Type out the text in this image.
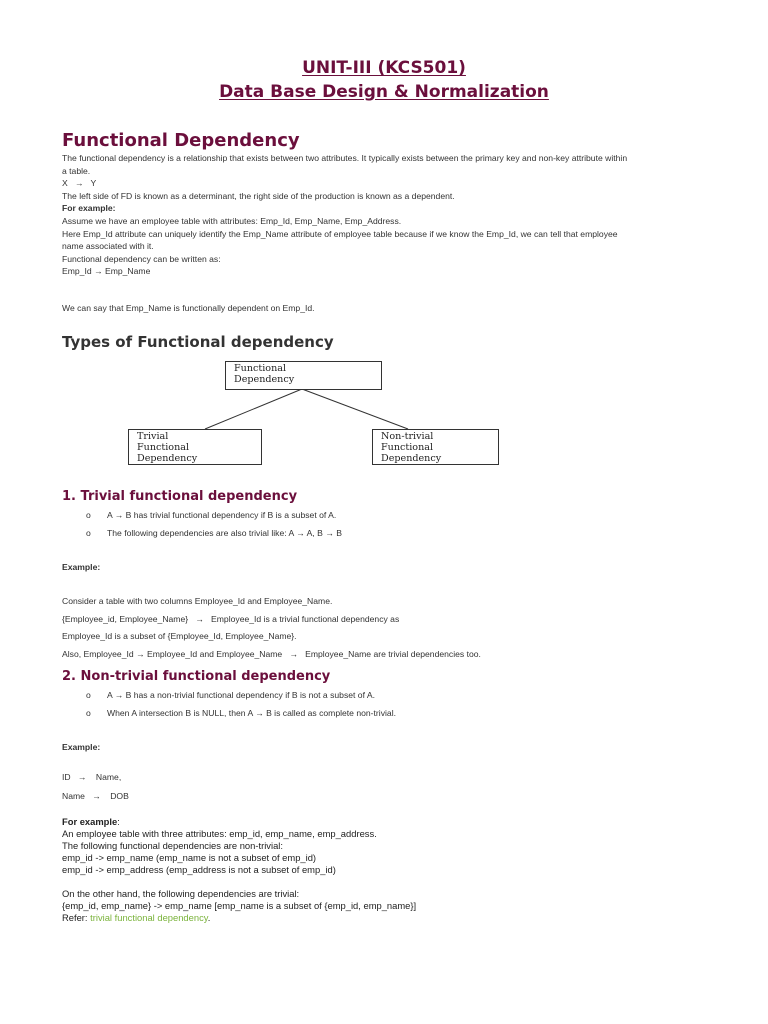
UNIT-III (KCS501)
Data Base Design & Normalization
Functional Dependency
The functional dependency is a relationship that exists between two attributes. It typically exists between the primary key and non-key attribute within
a table.
X   →   Y
The left side of FD is known as a determinant, the right side of the production is known as a dependent.
For example:
Assume we have an employee table with attributes: Emp_Id, Emp_Name, Emp_Address.
Here Emp_Id attribute can uniquely identify the Emp_Name attribute of employee table because if we know the Emp_Id, we can tell that employee
name associated with it.
Functional dependency can be written as:
Emp_Id → Emp_Name
We can say that Emp_Name is functionally dependent on Emp_Id.
Types of Functional dependency
Functional
Dependency
Trivial
Functional
Dependency
Non-trivial
Functional
Dependency
1. Trivial functional dependency
o A → B has trivial functional dependency if B is a subset of A.
o The following dependencies are also trivial like: A → A, B → B
Example:
Consider a table with two columns Employee_Id and Employee_Name.
{Employee_id, Employee_Name}   →   Employee_Id is a trivial functional dependency as
Employee_Id is a subset of {Employee_Id, Employee_Name}.
Also, Employee_Id → Employee_Id and Employee_Name   →   Employee_Name are trivial dependencies too.
2. Non-trivial functional dependency
o A → B has a non-trivial functional dependency if B is not a subset of A.
o When A intersection B is NULL, then A → B is called as complete non-trivial.
Example:
ID   →    Name,
Name   →    DOB
For example:
An employee table with three attributes: emp_id, emp_name, emp_address.
The following functional dependencies are non-trivial:
emp_id -> emp_name (emp_name is not a subset of emp_id)
emp_id -> emp_address (emp_address is not a subset of emp_id)
On the other hand, the following dependencies are trivial:
{emp_id, emp_name} -> emp_name [emp_name is a subset of {emp_id, emp_name}]
Refer: trivial functional dependency.
